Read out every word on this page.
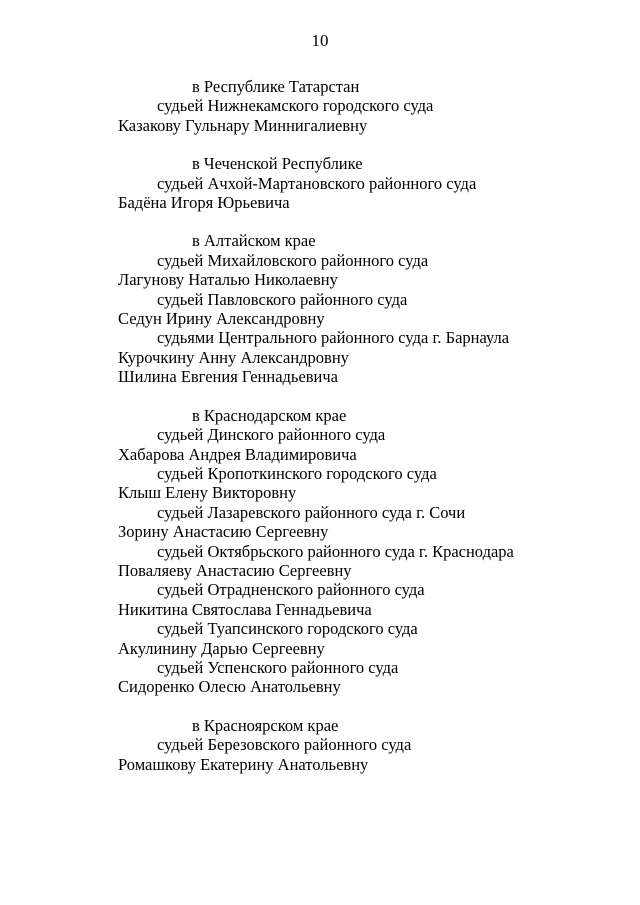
10
в Республике Татарстан
судьей Нижнекамского городского суда
Казакову Гульнару Миннигалиевну
в Чеченской Республике
судьей Ачхой-Мартановского районного суда
Бадёна Игоря Юрьевича
в Алтайском крае
судьей Михайловского районного суда
Лагунову Наталью Николаевну
судьей Павловского районного суда
Седун Ирину Александровну
судьями Центрального районного суда г. Барнаула
Курочкину Анну Александровну
Шилина Евгения Геннадьевича
в Краснодарском крае
судьей Динского районного суда
Хабарова Андрея Владимировича
судьей Кропоткинского городского суда
Клыш Елену Викторовну
судьей Лазаревского районного суда г. Сочи
Зорину Анастасию Сергеевну
судьей Октябрьского районного суда г. Краснодара
Поваляеву Анастасию Сергеевну
судьей Отрадненского районного суда
Никитина Святослава Геннадьевича
судьей Туапсинского городского суда
Акулинину Дарью Сергеевну
судьей Успенского районного суда
Сидоренко Олесю Анатольевну
в Красноярском крае
судьей Березовского районного суда
Ромашкову Екатерину Анатольевну
